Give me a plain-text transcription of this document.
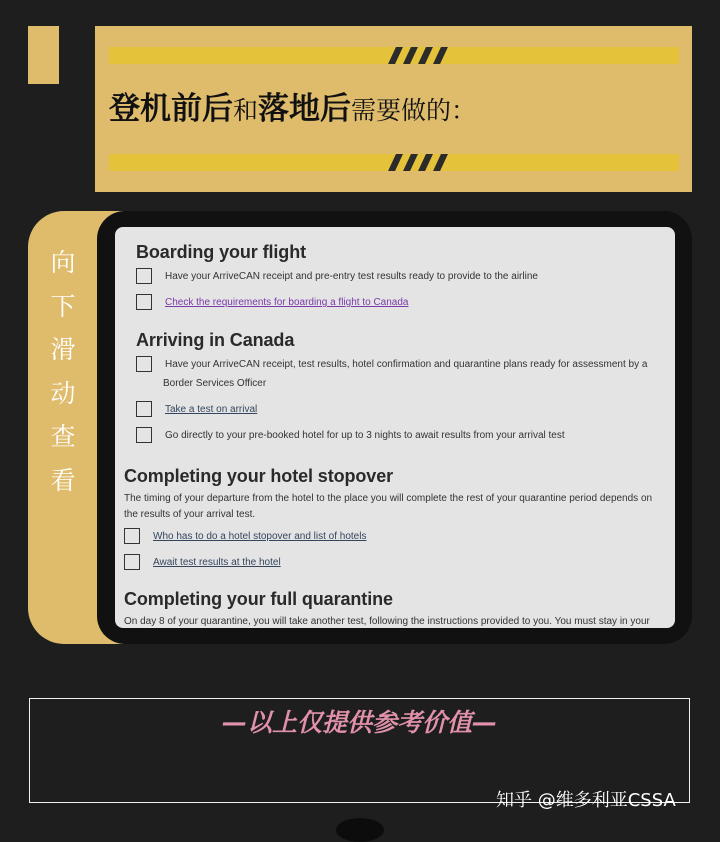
登机前后和落地后需要做的：
向
下
滑
动
查
看
Boarding your flight
Have your ArriveCAN receipt and pre-entry test results ready to provide to the airline
Check the requirements for boarding a flight to Canada
Arriving in Canada
Have your ArriveCAN receipt, test results, hotel confirmation and quarantine plans ready for assessment by a
Border Services Officer
Take a test on arrival
Go directly to your pre-booked hotel for up to 3 nights to await results from your arrival test
Completing your hotel stopover
The timing of your departure from the hotel to the place you will complete the rest of your quarantine period depends on
the results of your arrival test.
Who has to do a hotel stopover and list of hotels
Await test results at the hotel
Completing your full quarantine
On day 8 of your quarantine, you will take another test, following the instructions provided to you. You must stay in your
—以上仅提供参考价值—
知乎 @维多利亚CSSA
